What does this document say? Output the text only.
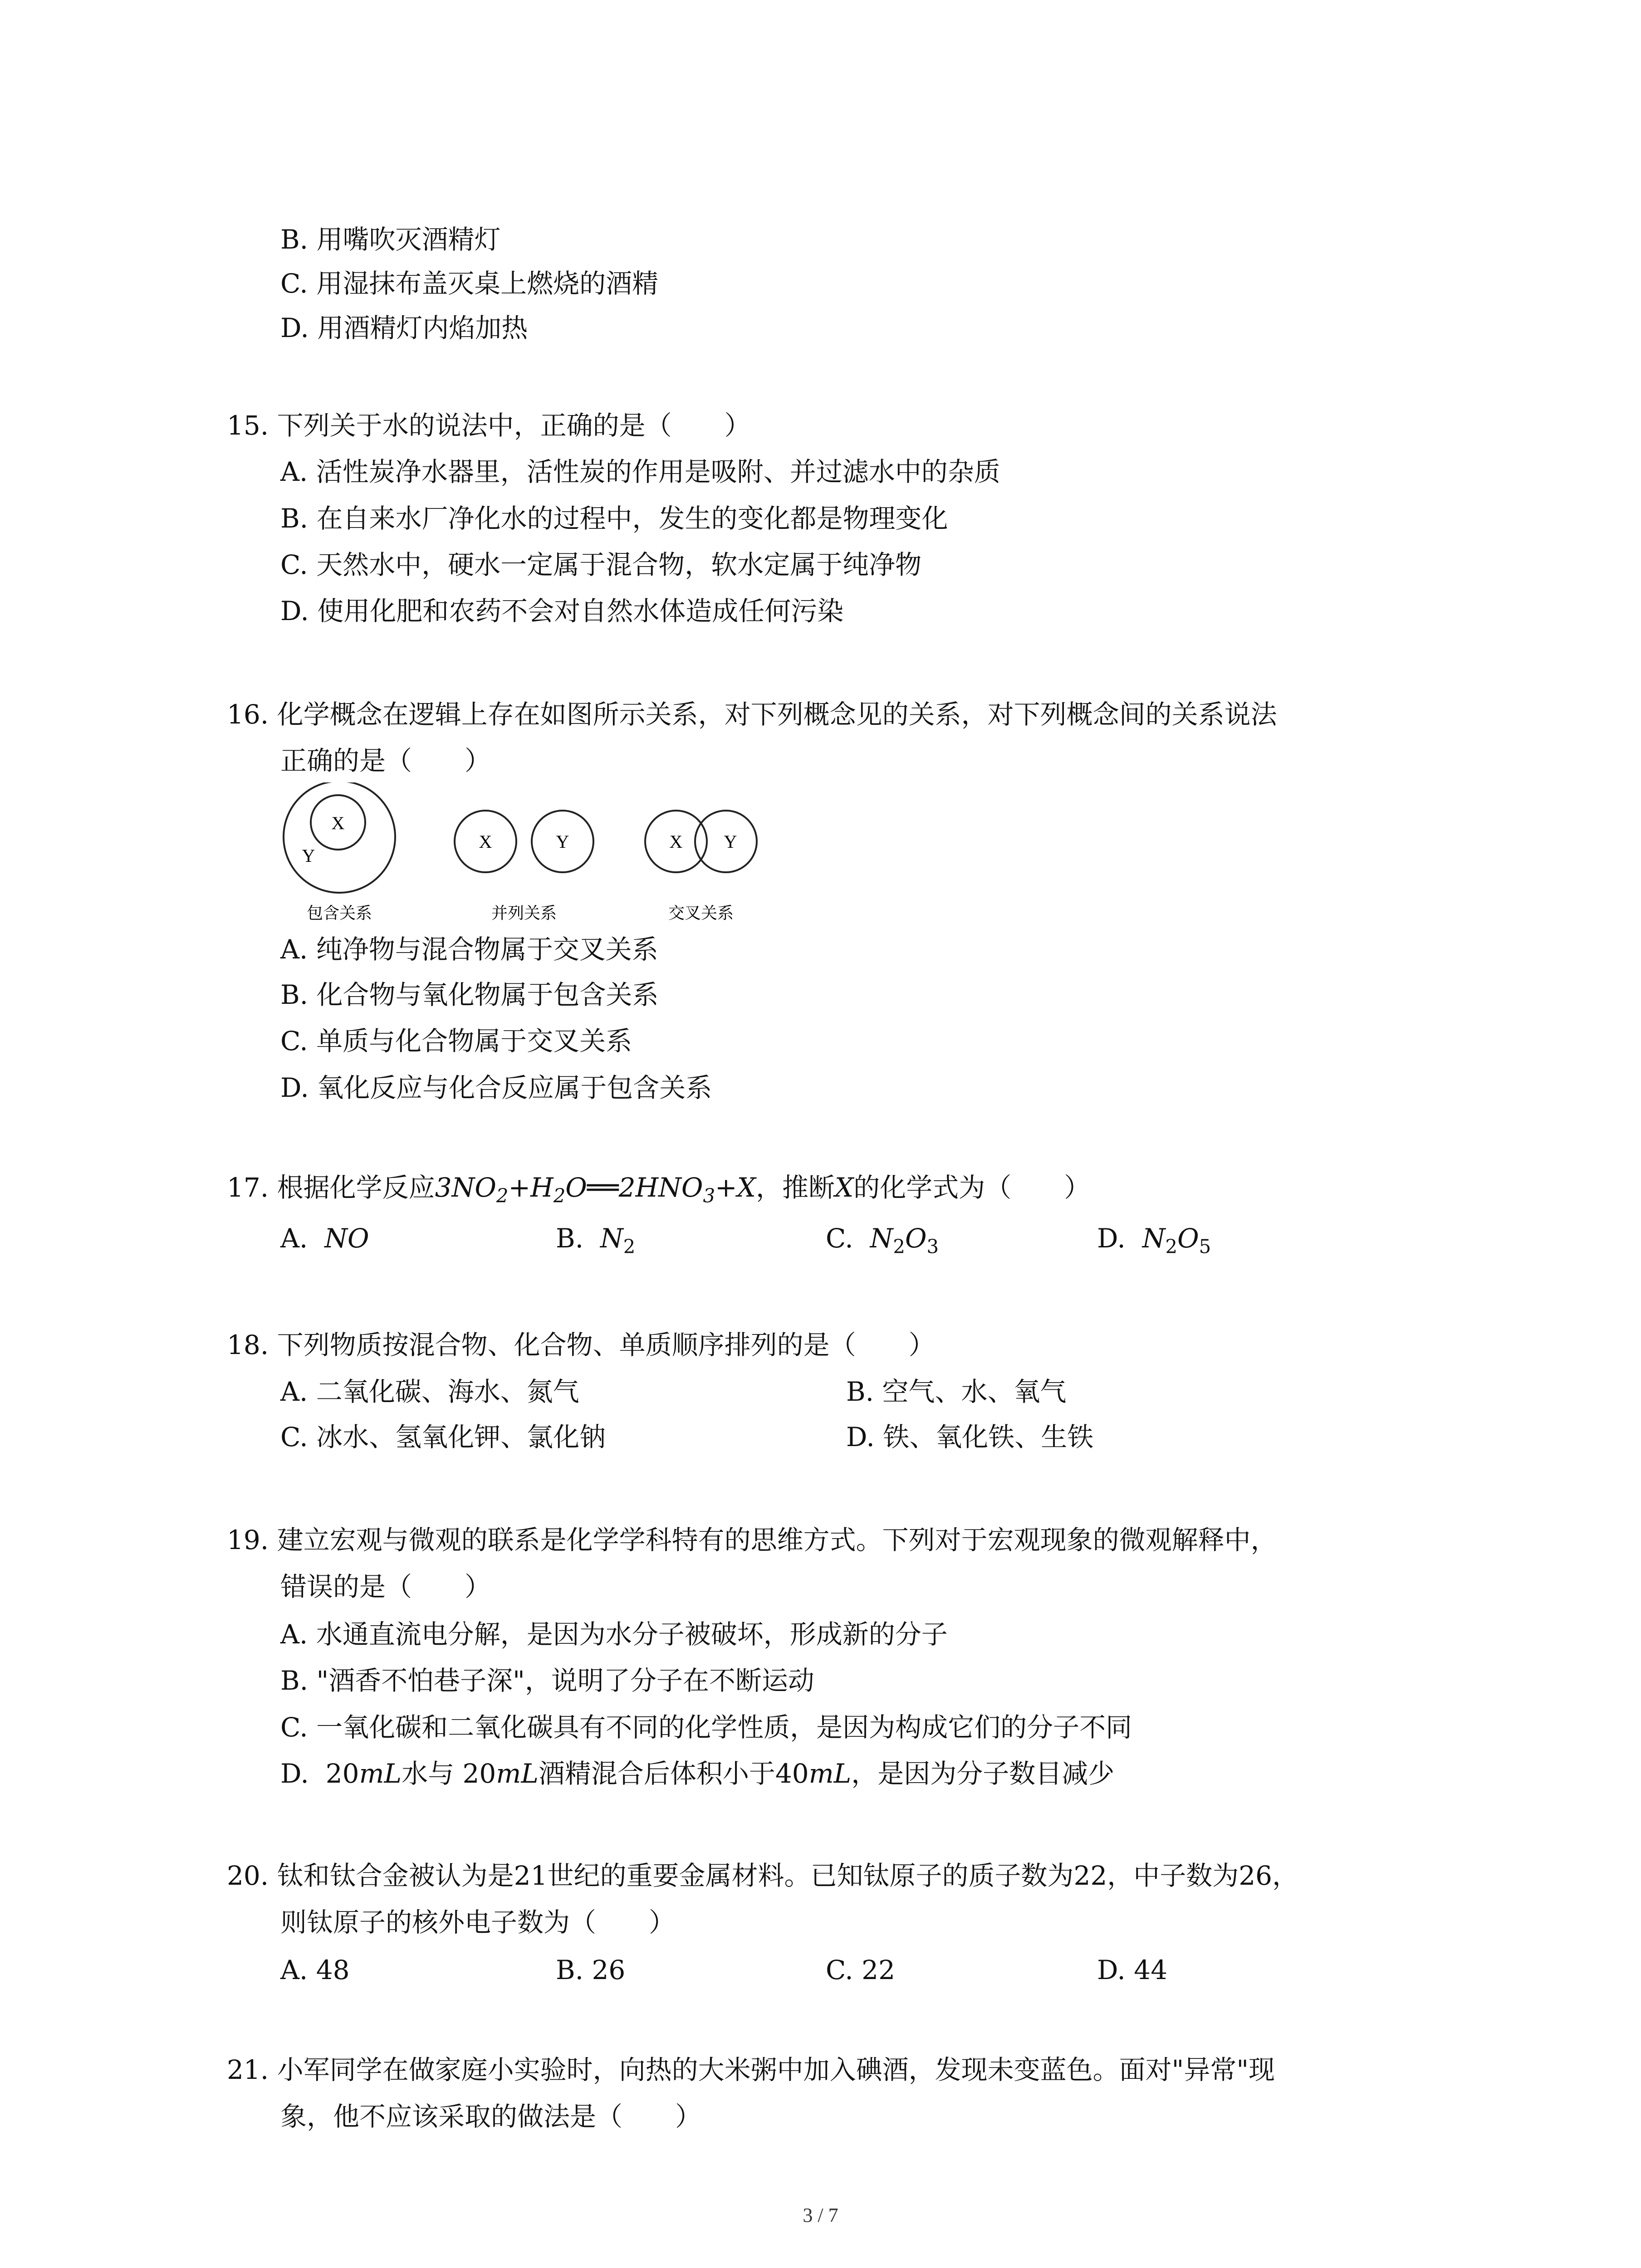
B. 用嘴吹灭酒精灯

C. 用湿抹布盖灭桌上燃烧的酒精

D. 用酒精灯内焰加热

15. 下列关于水的说法中，正确的是（　　）

A. 活性炭净水器里，活性炭的作用是吸附、并过滤水中的杂质

B. 在自来水厂净化水的过程中，发生的变化都是物理变化

C. 天然水中，硬水一定属于混合物，软水定属于纯净物

D. 使用化肥和农药不会对自然水体造成任何污染

16. 化学概念在逻辑上存在如图所示关系，对下列概念见的关系，对下列概念间的关系说法

正确的是（　　）

X
Y
包含关系
X	Y
并列关系
X Y
交叉关系

A. 纯净物与混合物属于交叉关系

B. 化合物与氧化物属于包含关系

C. 单质与化合物属于交叉关系

D. 氧化反应与化合反应属于包含关系

17. 根据化学反应$3NO_2+H_2O══2HNO_3+X$，推断X的化学式为（　　）

A. NO	B. $N_2$	C. $N_2O_3$	D. $N_2O_5$

18. 下列物质按混合物、化合物、单质顺序排列的是（　　）

A. 二氧化碳、海水、氮气	B. 空气、水、氧气

C. 冰水、氢氧化钾、氯化钠	D. 铁、氧化铁、生铁

19. 建立宏观与微观的联系是化学学科特有的思维方式。下列对于宏观现象的微观解释中，

错误的是（　　）

A. 水通直流电分解，是因为水分子被破坏，形成新的分子

B. "酒香不怕巷子深"，说明了分子在不断运动

C. 一氧化碳和二氧化碳具有不同的化学性质，是因为构成它们的分子不同

D. 20mL水与 20mL酒精混合后体积小于40mL，是因为分子数目减少

20. 钛和钛合金被认为是21世纪的重要金属材料。已知钛原子的质子数为22，中子数为26，

则钛原子的核外电子数为（　　）

A. 48	B. 26	C. 22	D. 44

21. 小军同学在做家庭小实验时，向热的大米粥中加入碘酒，发现未变蓝色。面对"异常"现

象，他不应该采取的做法是（　　）

3 / 7
